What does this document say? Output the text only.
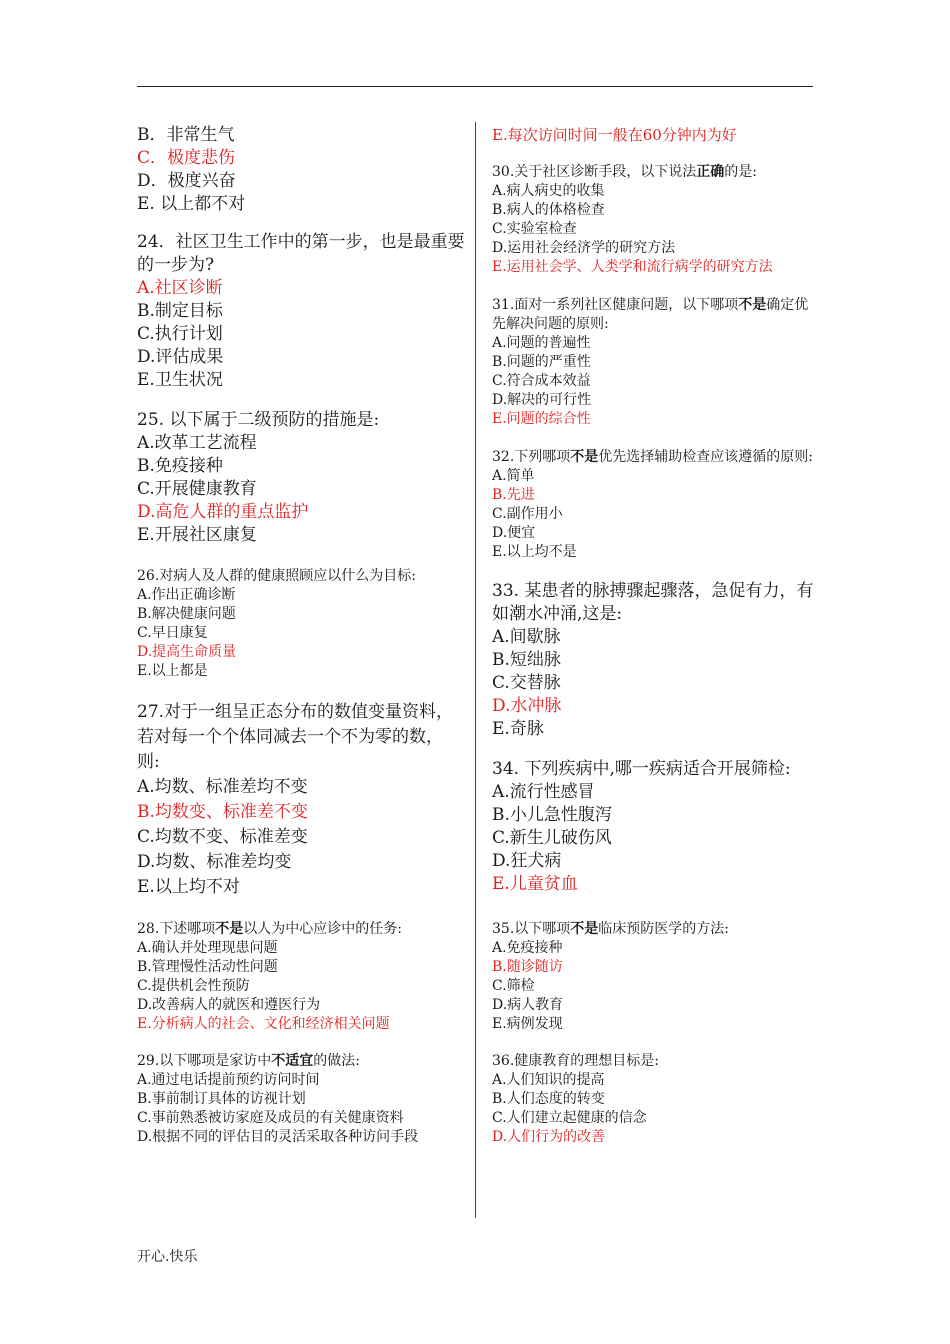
B．非常生气

C．极度悲伤

D．极度兴奋

E. 以上都不对

24．社区卫生工作中的第一步，也是最重要的一步为?

A.社区诊断

B.制定目标

C.执行计划

D.评估成果

E.卫生状况

25. 以下属于二级预防的措施是:

A.改革工艺流程

B.免疫接种

C.开展健康教育

D.高危人群的重点监护

E.开展社区康复

26.对病人及人群的健康照顾应以什么为目标:

A.作出正确诊断

B.解决健康问题

C.早日康复

D.提高生命质量

E.以上都是

27.对于一组呈正态分布的数值变量资料，若对每一个个体同减去一个不为零的数，则:

A.均数、标准差均不变

B.均数变、标准差不变

C.均数不变、标准差变

D.均数、标准差均变

E.以上均不对

28.下述哪项不是以人为中心应诊中的任务:

A.确认并处理现患问题

B.管理慢性活动性问题

C.提供机会性预防

D.改善病人的就医和遵医行为

E.分析病人的社会、文化和经济相关问题

29.以下哪项是家访中不适宜的做法:

A.通过电话提前预约访问时间

B.事前制订具体的访视计划

C.事前熟悉被访家庭及成员的有关健康资料

D.根据不同的评估目的灵活采取各种访问手段

E.每次访问时间一般在60分钟内为好

30.关于社区诊断手段，以下说法正确的是:

A.病人病史的收集

B.病人的体格检查

C.实验室检查

D.运用社会经济学的研究方法

E.运用社会学、人类学和流行病学的研究方法

31.面对一系列社区健康问题，以下哪项不是确定优先解决问题的原则:

A.问题的普遍性

B.问题的严重性

C.符合成本效益

D.解决的可行性

E.问题的综合性

32.下列哪项不是优先选择辅助检查应该遵循的原则:

A.简单

B.先进

C.副作用小

D.便宜

E.以上均不是

33. 某患者的脉搏骤起骤落，急促有力，有如潮水冲涌,这是:

A.间歇脉

B.短绌脉

C.交替脉

D.水冲脉

E.奇脉

34. 下列疾病中,哪一疾病适合开展筛检:

A.流行性感冒

B.小儿急性腹泻

C.新生儿破伤风

D.狂犬病

E.儿童贫血

35.以下哪项不是临床预防医学的方法:

A.免疫接种

B.随诊随访

C.筛检

D.病人教育

E.病例发现

36.健康教育的理想目标是:

A.人们知识的提高

B.人们态度的转变

C.人们建立起健康的信念

D.人们行为的改善

开心.快乐
